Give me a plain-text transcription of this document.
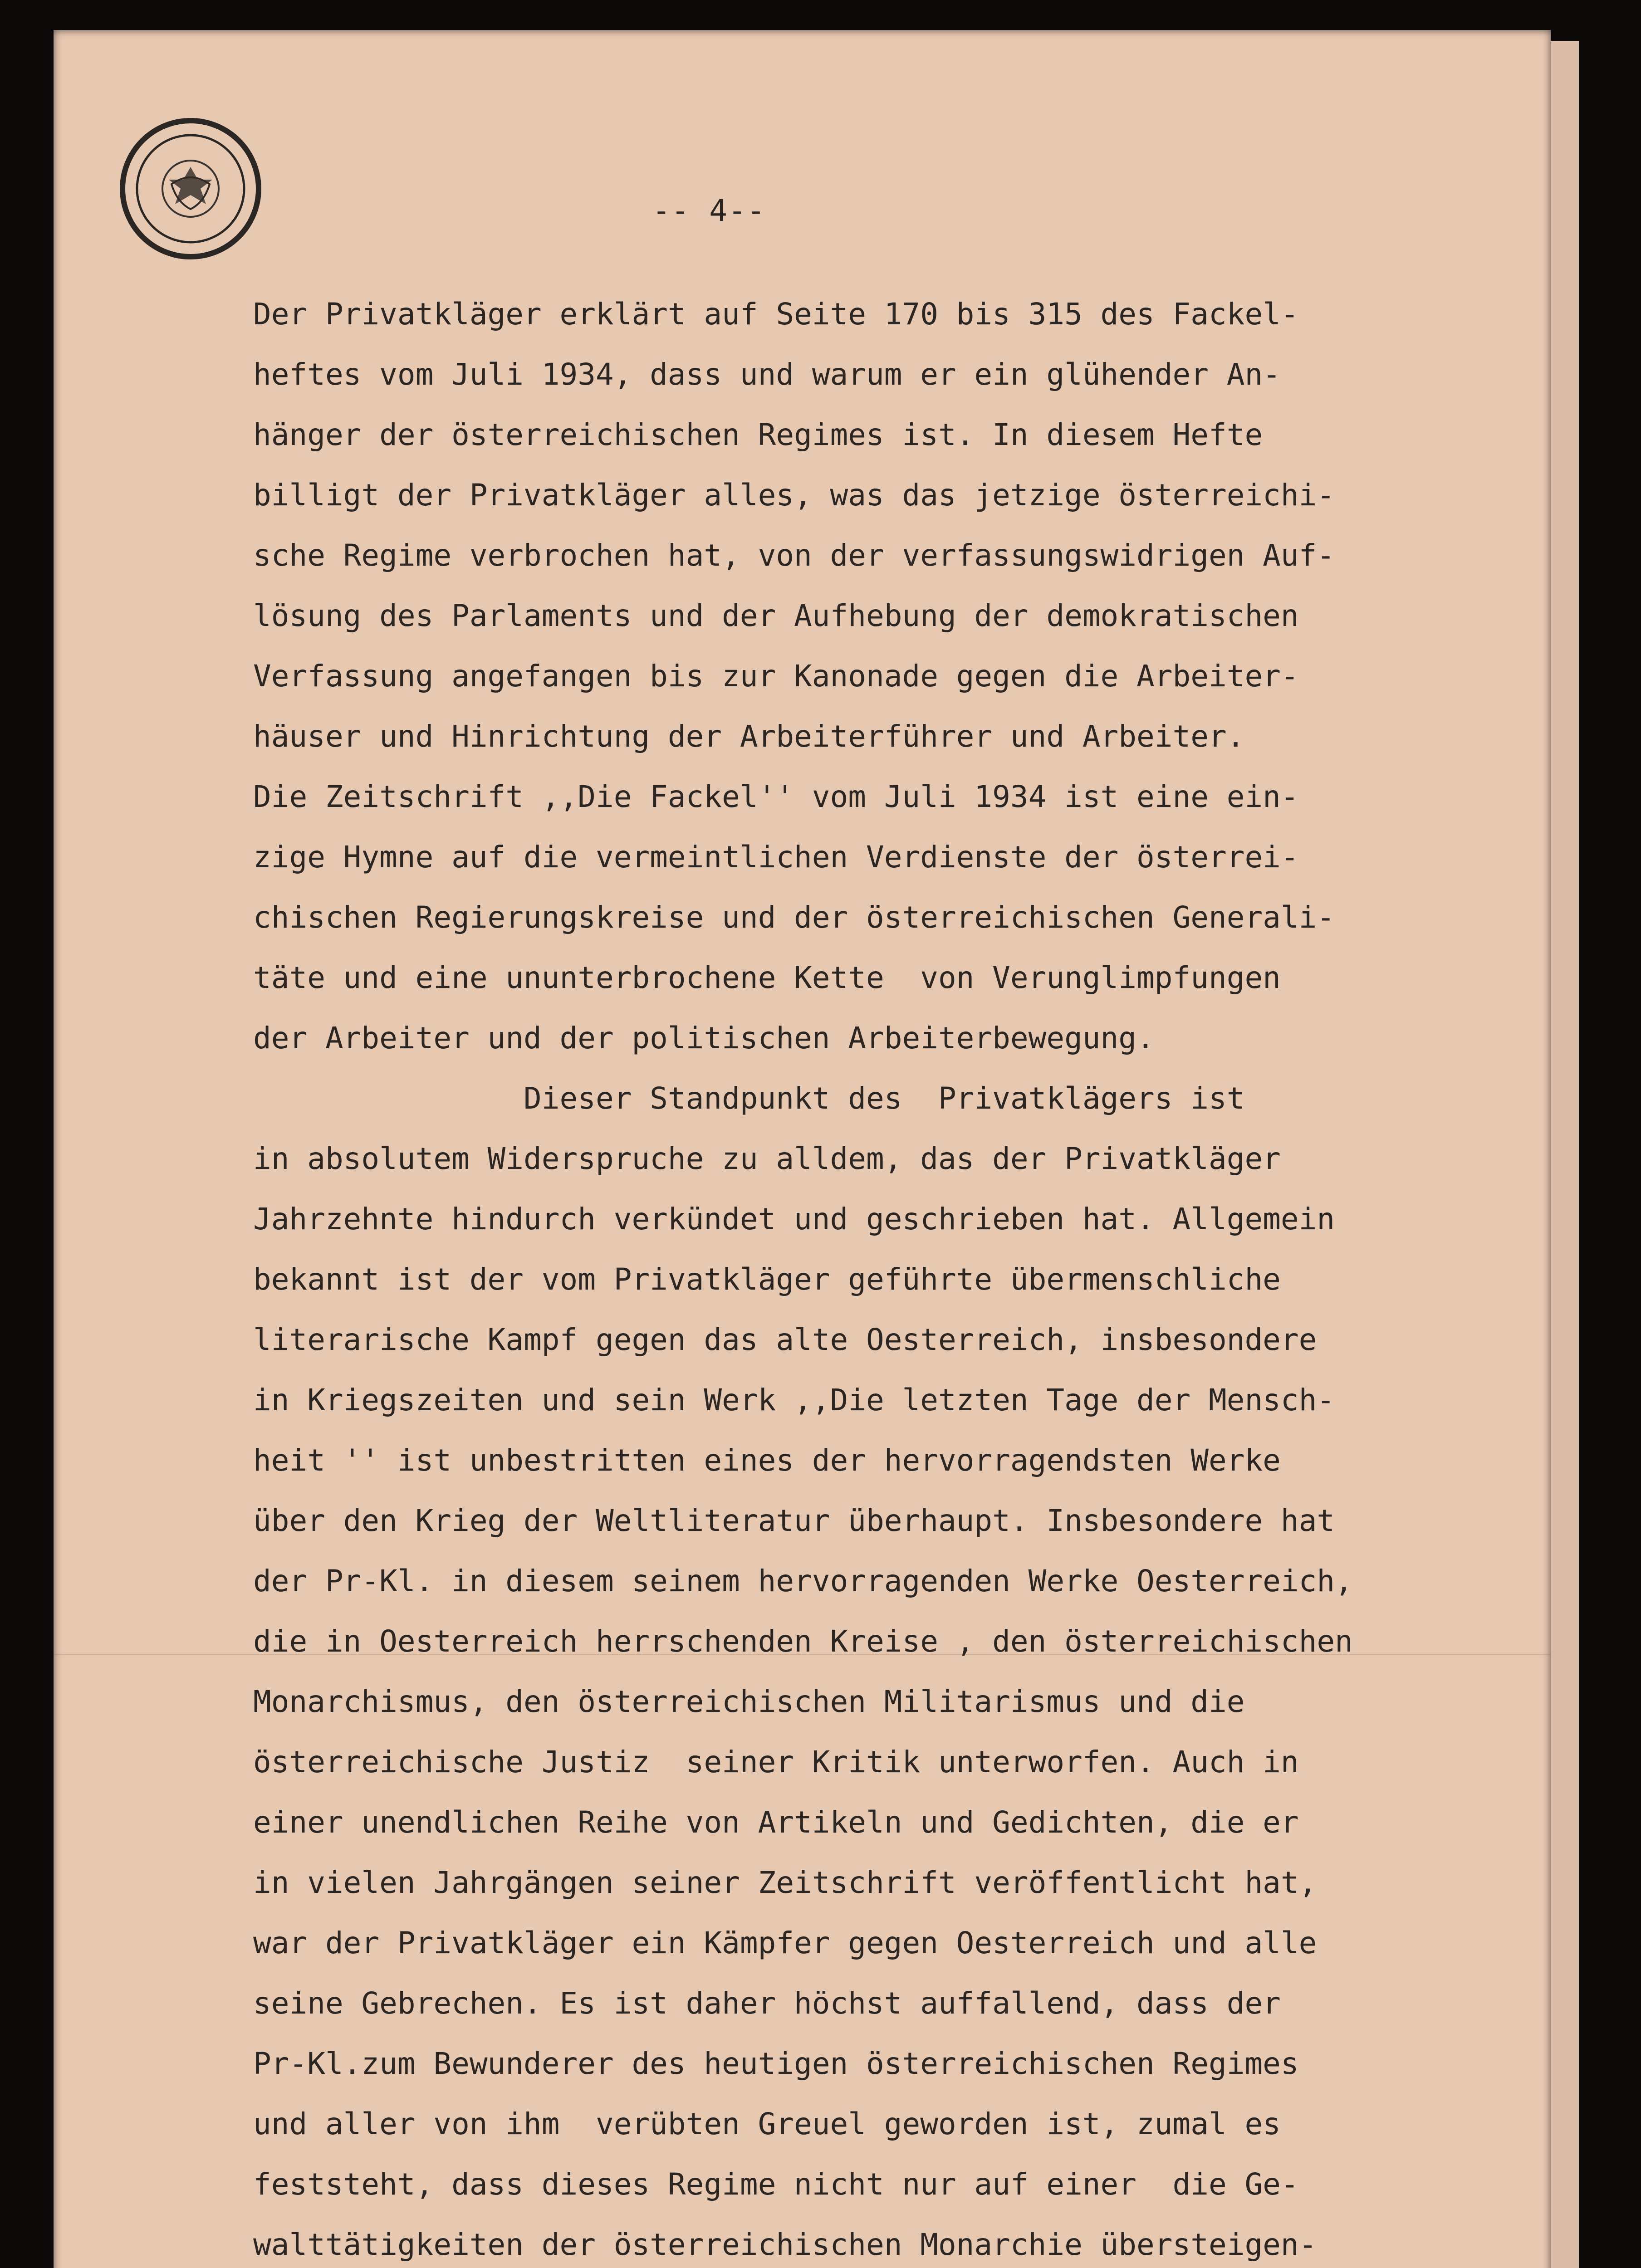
-- 4--
Der Privatkläger erklärt auf Seite 170 bis 315 des Fackel-
heftes vom Juli 1934, dass und warum er ein glühender An-
hänger der österreichischen Regimes ist. In diesem Hefte
billigt der Privatkläger alles, was das jetzige österreichi-
sche Regime verbrochen hat, von der verfassungswidrigen Auf-
lösung des Parlaments und der Aufhebung der demokratischen
Verfassung angefangen bis zur Kanonade gegen die Arbeiter-
häuser und Hinrichtung der Arbeiterführer und Arbeiter.
Die Zeitschrift ,,Die Fackel'' vom Juli 1934 ist eine ein-
zige Hymne auf die vermeintlichen Verdienste der österrei-
chischen Regierungskreise und der österreichischen Generali-
täte und eine ununterbrochene Kette  von Verunglimpfungen
der Arbeiter und der politischen Arbeiterbewegung.
Dieser Standpunkt des  Privatklägers ist
in absolutem Widerspruche zu alldem, das der Privatkläger
Jahrzehnte hindurch verkündet und geschrieben hat. Allgemein
bekannt ist der vom Privatkläger geführte übermenschliche
literarische Kampf gegen das alte Oesterreich, insbesondere
in Kriegszeiten und sein Werk ,,Die letzten Tage der Mensch-
heit '' ist unbestritten eines der hervorragendsten Werke
über den Krieg der Weltliteratur überhaupt. Insbesondere hat
der Pr-Kl. in diesem seinem hervorragenden Werke Oesterreich,
die in Oesterreich herrschenden Kreise , den österreichischen
Monarchismus, den österreichischen Militarismus und die
österreichische Justiz  seiner Kritik unterworfen. Auch in
einer unendlichen Reihe von Artikeln und Gedichten, die er
in vielen Jahrgängen seiner Zeitschrift veröffentlicht hat,
war der Privatkläger ein Kämpfer gegen Oesterreich und alle
seine Gebrechen. Es ist daher höchst auffallend, dass der
Pr-Kl.zum Bewunderer des heutigen österreichischen Regimes
und aller von ihm  verübten Greuel geworden ist, zumal es
feststeht, dass dieses Regime nicht nur auf einer  die Ge-
walttätigkeiten der österreichischen Monarchie übersteigen-
